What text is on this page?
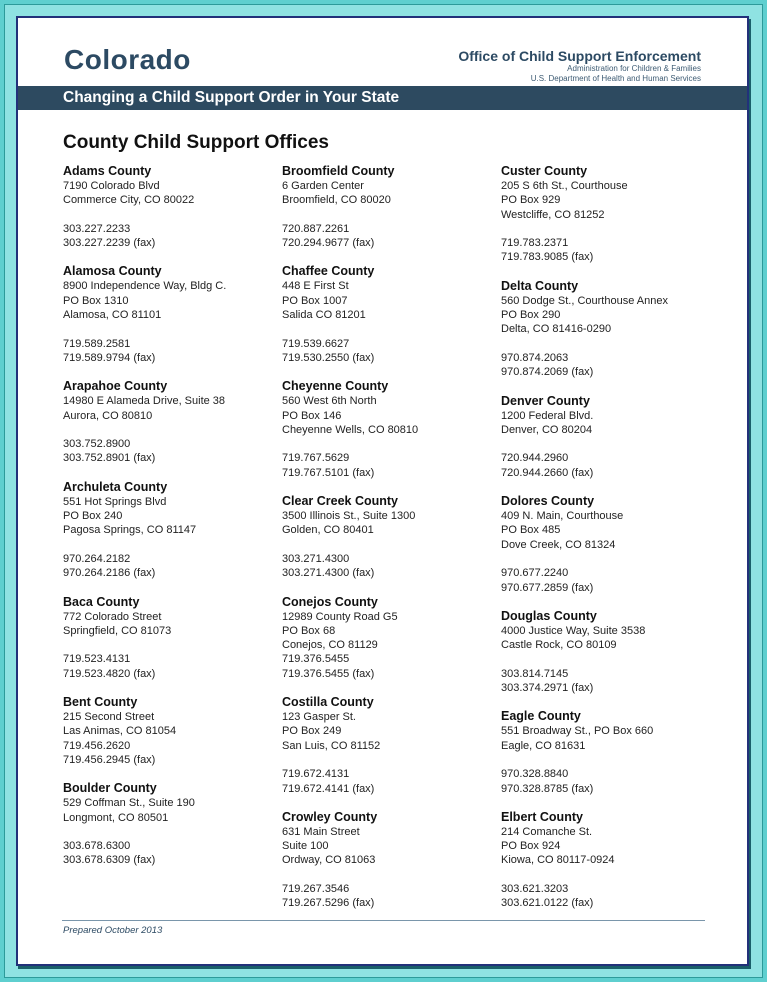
Colorado	Office of Child Support Enforcement
Administration for Children & Families
U.S. Department of Health and Human Services
Changing a Child Support Order in Your State
County Child Support Offices
Adams County
7190 Colorado Blvd
Commerce City, CO 80022
303.227.2233
303.227.2239 (fax)
Alamosa County
8900 Independence Way, Bldg C.
PO Box 1310
Alamosa, CO 81101
719.589.2581
719.589.9794 (fax)
Arapahoe County
14980 E Alameda Drive, Suite 38
Aurora, CO 80810
303.752.8900
303.752.8901 (fax)
Archuleta County
551 Hot Springs Blvd
PO Box 240
Pagosa Springs, CO 81147
970.264.2182
970.264.2186 (fax)
Baca County
772 Colorado Street
Springfield, CO 81073
719.523.4131
719.523.4820 (fax)
Bent County
215 Second Street
Las Animas, CO 81054
719.456.2620
719.456.2945 (fax)
Boulder County
529 Coffman St., Suite 190
Longmont, CO 80501
303.678.6300
303.678.6309 (fax)
Broomfield County
6 Garden Center
Broomfield, CO 80020
720.887.2261
720.294.9677 (fax)
Chaffee County
448 E First St
PO Box 1007
Salida CO 81201
719.539.6627
719.530.2550 (fax)
Cheyenne County
560 West 6th North
PO Box 146
Cheyenne Wells, CO 80810
719.767.5629
719.767.5101 (fax)
Clear Creek County
3500 Illinois St., Suite 1300
Golden, CO 80401
303.271.4300
303.271.4300 (fax)
Conejos County
12989 County Road G5
PO Box 68
Conejos, CO 81129
719.376.5455
719.376.5455 (fax)
Costilla County
123 Gasper St.
PO Box 249
San Luis, CO 81152
719.672.4131
719.672.4141 (fax)
Crowley County
631 Main Street
Suite 100
Ordway, CO 81063
719.267.3546
719.267.5296 (fax)
Custer County
205 S 6th St., Courthouse
PO Box 929
Westcliffe, CO 81252
719.783.2371
719.783.9085 (fax)
Delta County
560 Dodge St., Courthouse Annex
PO Box 290
Delta, CO 81416-0290
970.874.2063
970.874.2069 (fax)
Denver County
1200 Federal Blvd.
Denver, CO 80204
720.944.2960
720.944.2660 (fax)
Dolores County
409 N. Main, Courthouse
PO Box 485
Dove Creek, CO 81324
970.677.2240
970.677.2859 (fax)
Douglas County
4000 Justice Way, Suite 3538
Castle Rock, CO 80109
303.814.7145
303.374.2971 (fax)
Eagle County
551 Broadway St., PO Box 660
Eagle, CO 81631
970.328.8840
970.328.8785 (fax)
Elbert County
214 Comanche St.
PO Box 924
Kiowa, CO 80117-0924
303.621.3203
303.621.0122 (fax)
Prepared October 2013
